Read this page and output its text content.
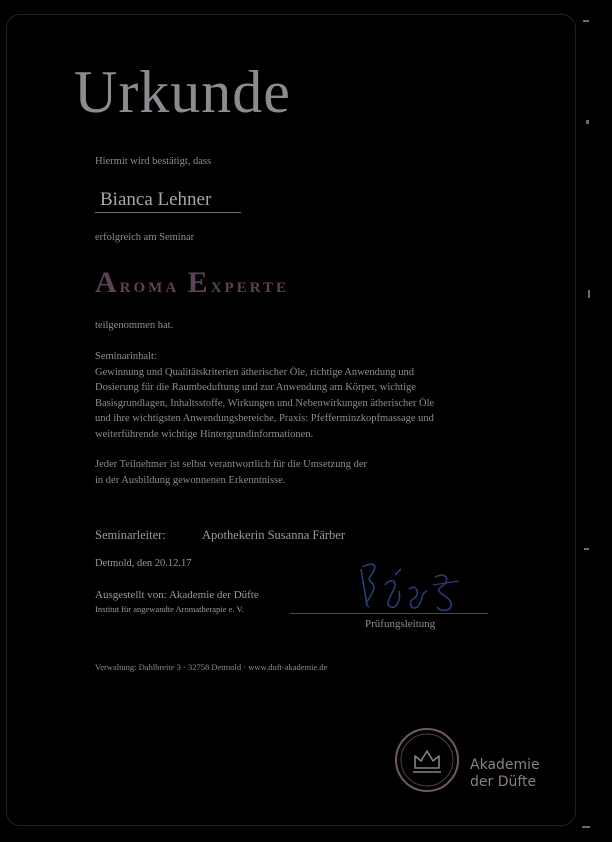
Urkunde
Hiermit wird bestätigt, dass
Bianca Lehner
erfolgreich am Seminar
Aroma Experte
teilgenommen hat.

Seminarinhalt:
Gewinnung und Qualitätskriterien ätherischer Öle, richtige Anwendung und
Dosierung für die Raumbeduftung und zur Anwendung am Körper, wichtige
Basisgrundlagen, Inhaltsstoffe, Wirkungen und Nebenwirkungen ätherischer Öle
und ihre wichtigsten Anwendungsbereiche, Praxis: Pfefferminzkopfmassage und
weiterführende wichtige Hintergrundinformationen.

Jeder Teilnehmer ist selbst verantwortlich für die Umsetzung der
in der Ausbildung gewonnenen Erkenntnisse.

Seminarleiter:	Apothekerin Susanna Färber
Detmold, den 20.12.17
Ausgestellt von: Akademie der Düfte
Institut für angewandte Aromatherapie e. V.
Prüfungsleitung
Verwaltung: Dahlbreite 3 · 32758 Detmold · www.duft-akademie.de
Akademie
der Düfte
